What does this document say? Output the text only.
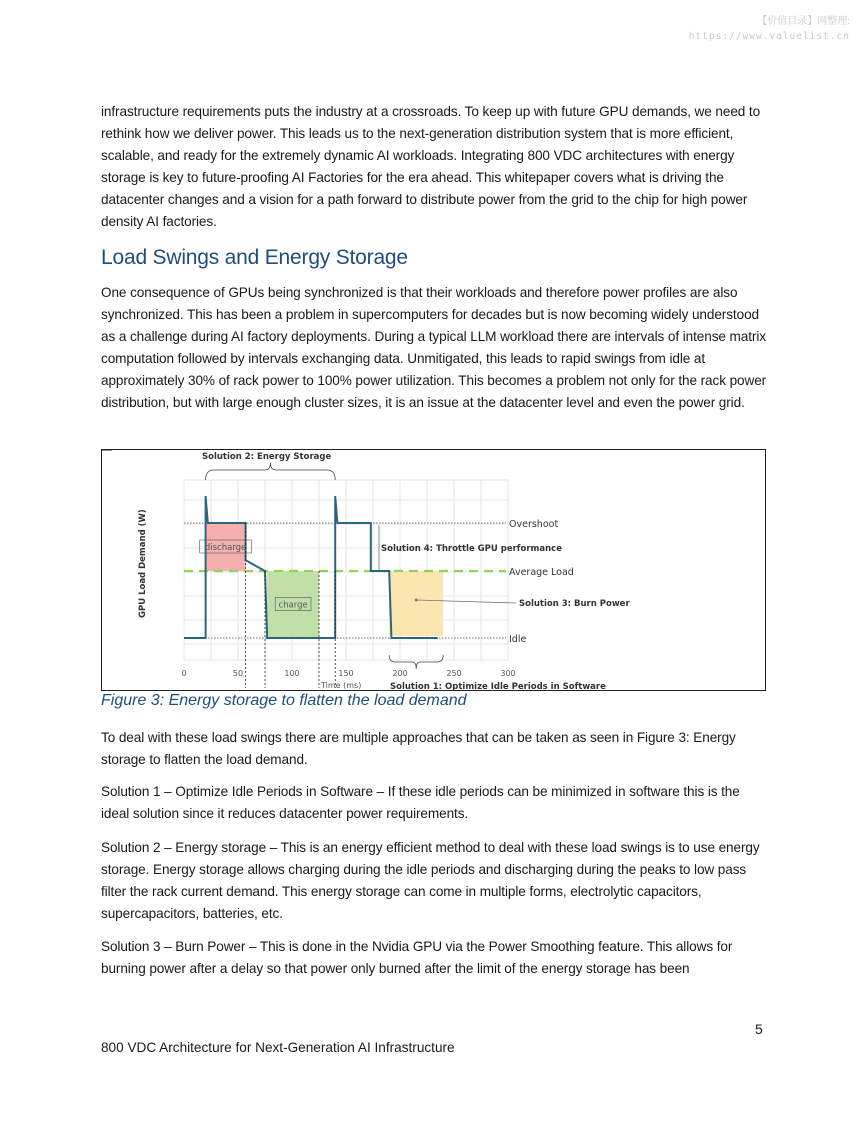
【价值目录】网整理:
https://www.valuelist.cn

infrastructure requirements puts the industry at a crossroads. To keep up with future GPU demands, we need to rethink how we deliver power. This leads us to the next-generation distribution system that is more efficient, scalable, and ready for the extremely dynamic AI workloads. Integrating 800 VDC architectures with energy storage is key to future-proofing AI Factories for the era ahead. This whitepaper covers what is driving the datacenter changes and a vision for a path forward to distribute power from the grid to the chip for high power density AI factories.

Load Swings and Energy Storage

One consequence of GPUs being synchronized is that their workloads and therefore power profiles are also synchronized. This has been a problem in supercomputers for decades but is now becoming widely understood as a challenge during AI factory deployments. During a typical LLM workload there are intervals of intense matrix computation followed by intervals exchanging data. Unmitigated, this leads to rapid swings from idle at approximately 30% of rack power to 100% power utilization. This becomes a problem not only for the rack power distribution, but with large enough cluster sizes, it is an issue at the datacenter level and even the power grid.

discharge
charge
Overshoot
Average Load
Idle
Solution 2: Energy Storage
Solution 4: Throttle GPU performance
Solution 3: Burn Power
Solution 1: Optimize Idle Periods in Software
0	50	100	150	200	250	300
GPU Load Demand (W)
Time (ms)

Figure 3: Energy storage to flatten the load demand

To deal with these load swings there are multiple approaches that can be taken as seen in Figure 3: Energy storage to flatten the load demand.

Solution 1 – Optimize Idle Periods in Software – If these idle periods can be minimized in software this is the ideal solution since it reduces datacenter power requirements.

Solution 2 – Energy storage – This is an energy efficient method to deal with these load swings is to use energy storage. Energy storage allows charging during the idle periods and discharging during the peaks to low pass filter the rack current demand. This energy storage can come in multiple forms, electrolytic capacitors, supercapacitors, batteries, etc.

Solution 3 – Burn Power – This is done in the Nvidia GPU via the Power Smoothing feature. This allows for burning power after a delay so that power only burned after the limit of the energy storage has been

5
800 VDC Architecture for Next-Generation AI Infrastructure
